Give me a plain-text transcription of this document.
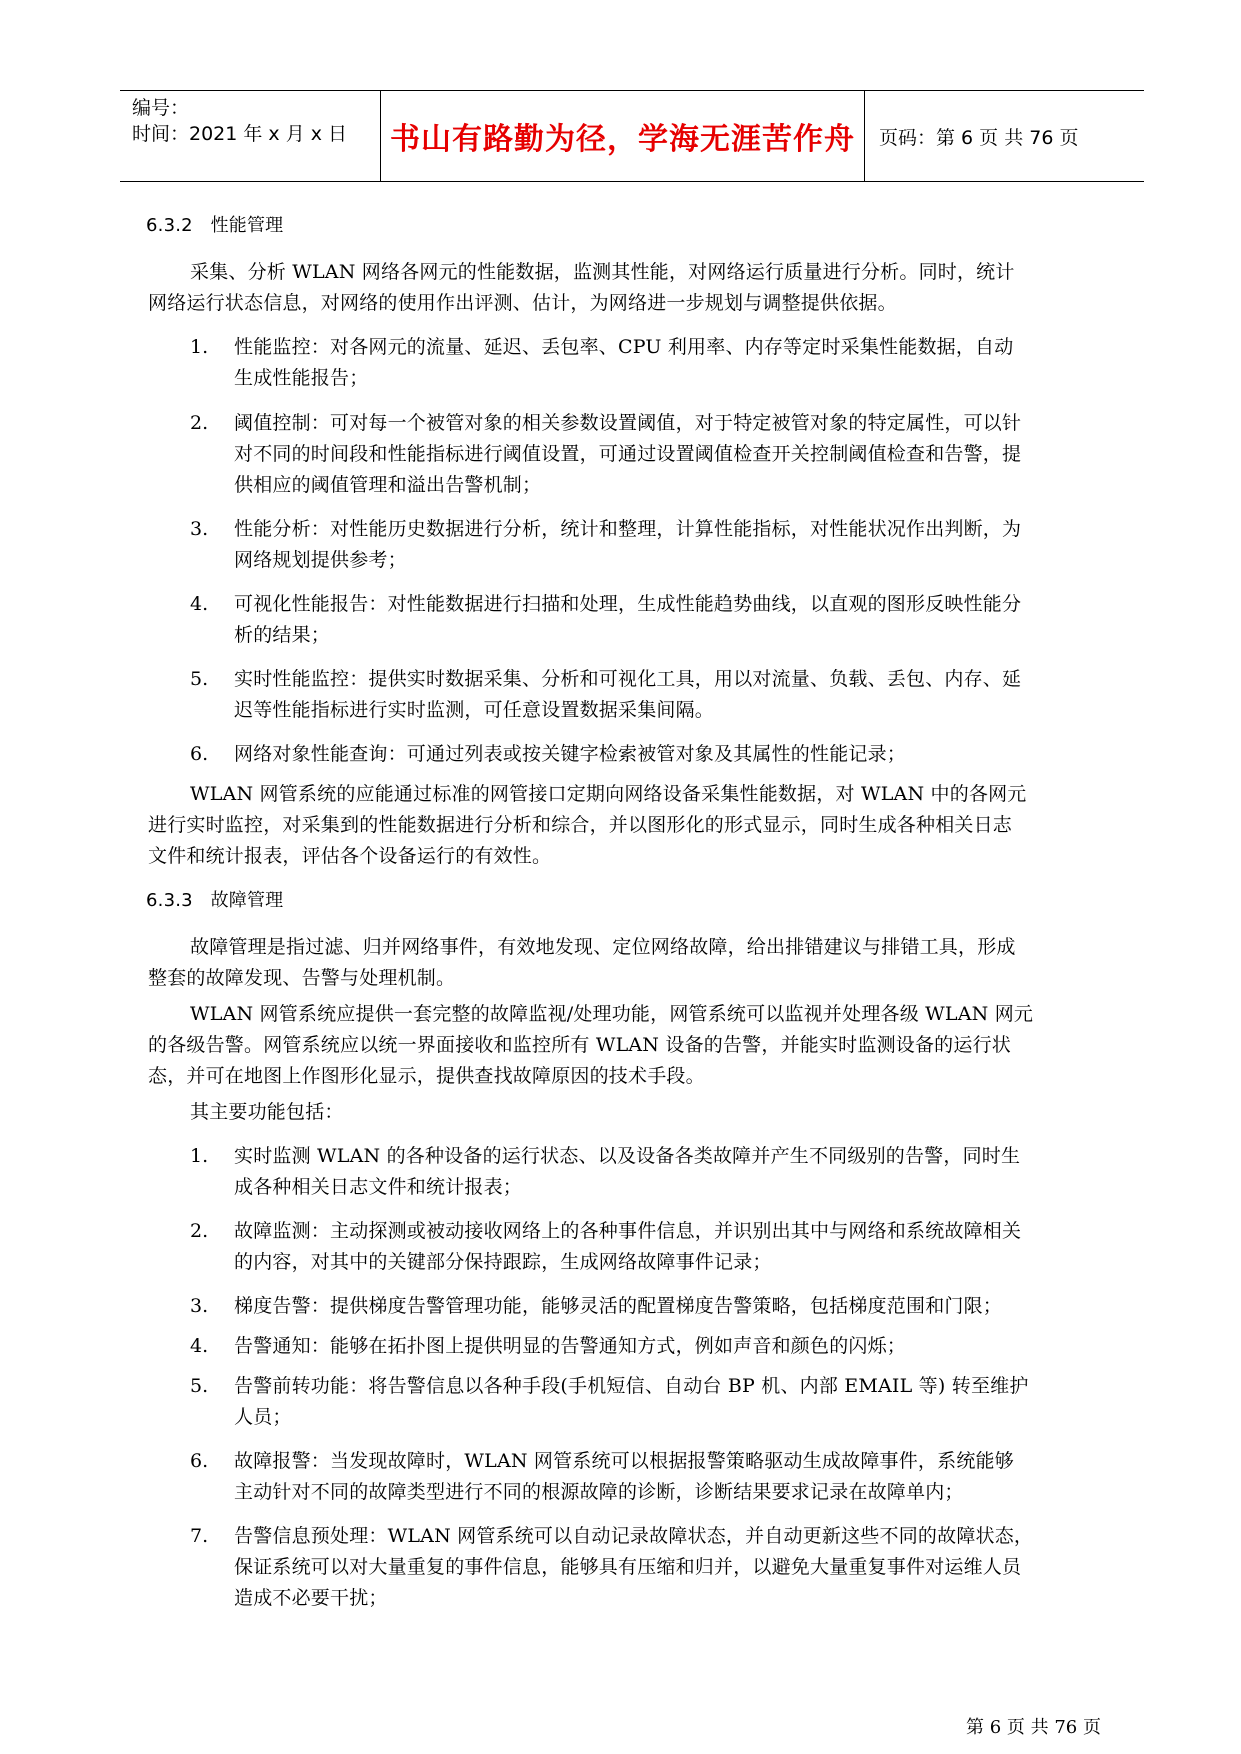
编号：
时间：2021 年 x 月 x 日 书山有路勤为径，学海无涯苦作舟 页码：第 6 页 共 76 页
6.3.2 性能管理
采集、分析 WLAN 网络各网元的性能数据，监测其性能，对网络运行质量进行分析。同时，统计
网络运行状态信息，对网络的使用作出评测、估计，为网络进一步规划与调整提供依据。
1. 性能监控：对各网元的流量、延迟、丢包率、CPU 利用率、内存等定时采集性能数据，自动
生成性能报告；
2. 阈值控制：可对每一个被管对象的相关参数设置阈值，对于特定被管对象的特定属性，可以针
对不同的时间段和性能指标进行阈值设置，可通过设置阈值检查开关控制阈值检查和告警，提
供相应的阈值管理和溢出告警机制；
3. 性能分析：对性能历史数据进行分析，统计和整理，计算性能指标，对性能状况作出判断，为
网络规划提供参考；
4. 可视化性能报告：对性能数据进行扫描和处理，生成性能趋势曲线，以直观的图形反映性能分
析的结果；
5. 实时性能监控：提供实时数据采集、分析和可视化工具，用以对流量、负载、丢包、内存、延
迟等性能指标进行实时监测，可任意设置数据采集间隔。
6. 网络对象性能查询：可通过列表或按关键字检索被管对象及其属性的性能记录；
WLAN 网管系统的应能通过标准的网管接口定期向网络设备采集性能数据，对 WLAN 中的各网元
进行实时监控，对采集到的性能数据进行分析和综合，并以图形化的形式显示，同时生成各种相关日志
文件和统计报表，评估各个设备运行的有效性。
6.3.3 故障管理
故障管理是指过滤、归并网络事件，有效地发现、定位网络故障，给出排错建议与排错工具，形成
整套的故障发现、告警与处理机制。
WLAN 网管系统应提供一套完整的故障监视/处理功能，网管系统可以监视并处理各级 WLAN 网元
的各级告警。网管系统应以统一界面接收和监控所有 WLAN 设备的告警，并能实时监测设备的运行状
态，并可在地图上作图形化显示，提供查找故障原因的技术手段。
其主要功能包括：
1. 实时监测 WLAN 的各种设备的运行状态、以及设备各类故障并产生不同级别的告警，同时生
成各种相关日志文件和统计报表；
2. 故障监测：主动探测或被动接收网络上的各种事件信息，并识别出其中与网络和系统故障相关
的内容，对其中的关键部分保持跟踪，生成网络故障事件记录；
3. 梯度告警：提供梯度告警管理功能，能够灵活的配置梯度告警策略，包括梯度范围和门限；
4. 告警通知：能够在拓扑图上提供明显的告警通知方式，例如声音和颜色的闪烁；
5. 告警前转功能：将告警信息以各种手段(手机短信、自动台 BP 机、内部 EMAIL 等) 转至维护
人员；
6. 故障报警：当发现故障时，WLAN 网管系统可以根据报警策略驱动生成故障事件，系统能够
主动针对不同的故障类型进行不同的根源故障的诊断，诊断结果要求记录在故障单内；
7. 告警信息预处理：WLAN 网管系统可以自动记录故障状态，并自动更新这些不同的故障状态，
保证系统可以对大量重复的事件信息，能够具有压缩和归并，以避免大量重复事件对运维人员
造成不必要干扰；
第 6 页 共 76 页
